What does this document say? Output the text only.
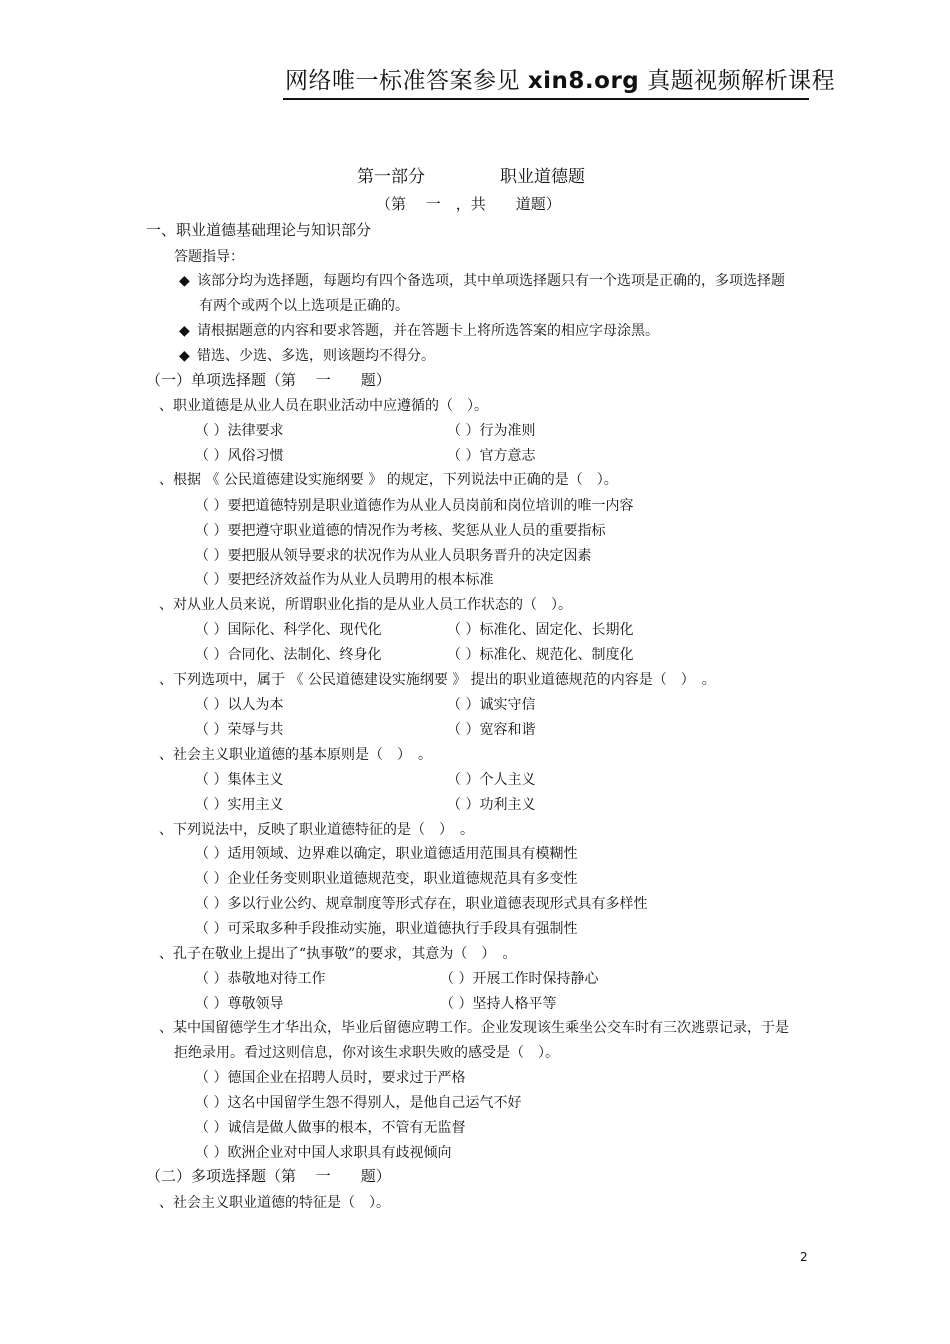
网络唯一标准答案参见 xin8.org 真题视频解析课程
第一部分	职业道德题
（第　 一　，共　　道题）
一、职业道德基础理论与知识部分
答题指导：
◆ 该部分均为选择题，每题均有四个备选项，其中单项选择题只有一个选项是正确的，多项选择题
有两个或两个以上选项是正确的。
◆ 请根据题意的内容和要求答题，并在答题卡上将所选答案的相应字母涂黑。
◆ 错选、少选、多选，则该题均不得分。
（一）单项选择题（第　 一　　题）
、职业道德是从业人员在职业活动中应遵循的（　）。
（ ）法律要求	（ ）行为准则
（ ）风俗习惯	（ ）官方意志
、根据 《 公民道德建设实施纲要 》 的规定，下列说法中正确的是（　）。
（ ）要把道德特别是职业道德作为从业人员岗前和岗位培训的唯一内容
（ ）要把遵守职业道德的情况作为考核、奖惩从业人员的重要指标
（ ）要把服从领导要求的状况作为从业人员职务晋升的决定因素
（ ）要把经济效益作为从业人员聘用的根本标准
、对从业人员来说，所谓职业化指的是从业人员工作状态的（　）。
（ ）国际化、科学化、现代化	（ ）标准化、固定化、长期化
（ ）合同化、法制化、终身化	（ ）标准化、规范化、制度化
、下列选项中，属于 《 公民道德建设实施纲要 》 提出的职业道德规范的内容是（　）　。
（ ）以人为本	（ ）诚实守信
（ ）荣辱与共	（ ）宽容和谐
、社会主义职业道德的基本原则是（　）　。
（ ）集体主义	（ ）个人主义
（ ）实用主义	（ ）功利主义
、下列说法中，反映了职业道德特征的是（　）　。
（ ）适用领域、边界难以确定，职业道德适用范围具有模糊性
（ ）企业任务变则职业道德规范变，职业道德规范具有多变性
（ ）多以行业公约、规章制度等形式存在，职业道德表现形式具有多样性
（ ）可采取多种手段推动实施，职业道德执行手段具有强制性
、孔子在敬业上提出了“执事敬”的要求，其意为（　）　。
（ ）恭敬地对待工作	（ ）开展工作时保持静心
（ ）尊敬领导	（ ）坚持人格平等
、某中国留德学生才华出众，毕业后留德应聘工作。企业发现该生乘坐公交车时有三次逃票记录，于是
拒绝录用。看过这则信息，你对该生求职失败的感受是（　）。
（ ）德国企业在招聘人员时，要求过于严格
（ ）这名中国留学生怨不得别人，是他自己运气不好
（ ）诚信是做人做事的根本，不管有无监督
（ ）欧洲企业对中国人求职具有歧视倾向
（二）多项选择题（第　 一　　题）
、社会主义职业道德的特征是（　）。
2
